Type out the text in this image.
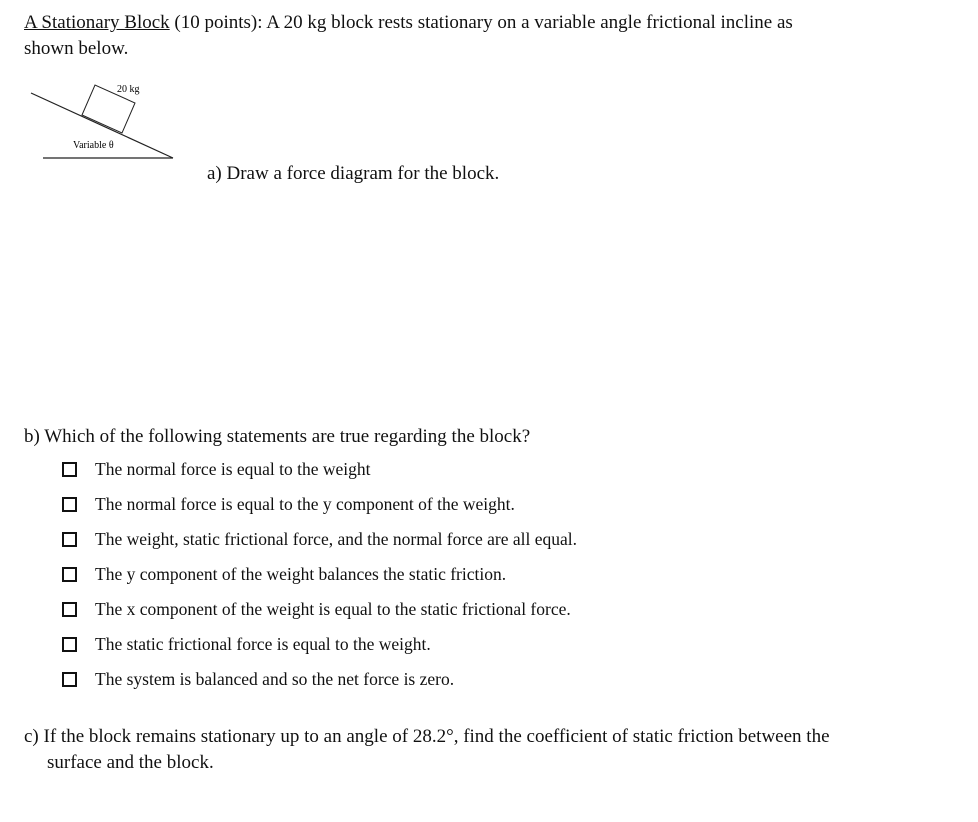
A Stationary Block (10 points): A 20 kg block rests stationary on a variable angle frictional incline as
shown below.
20 kg
Variable θ
a) Draw a force diagram for the block.
b) Which of the following statements are true regarding the block?
The normal force is equal to the weight
The normal force is equal to the y component of the weight.
The weight, static frictional force, and the normal force are all equal.
The y component of the weight balances the static friction.
The x component of the weight is equal to the static frictional force.
The static frictional force is equal to the weight.
The system is balanced and so the net force is zero.
c) If the block remains stationary up to an angle of 28.2°, find the coefficient of static friction between the
surface and the block.
